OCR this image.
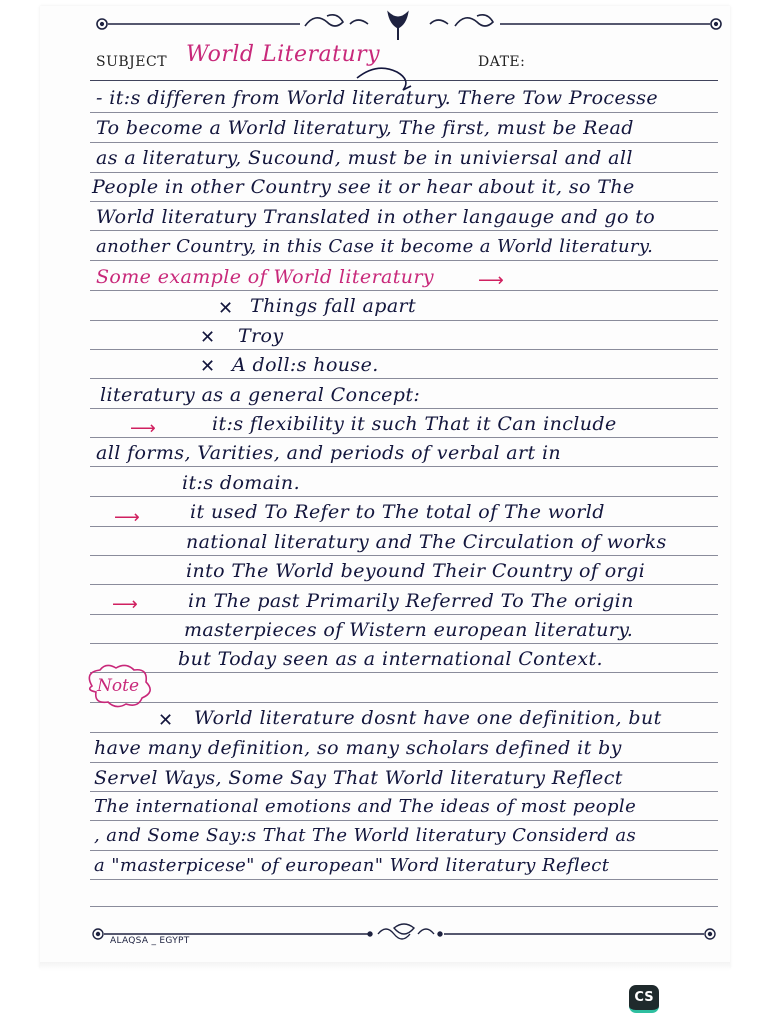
SUBJECT World Literatury	DATE:
- it:s differen from World literatury. There Tow Processe
To become a World literatury, The first, must be Read
as a literatury, Sucound, must be in univiersal and all
People in other Country see it or hear about it, so The
World literatury Translated in other langauge and go to
another Country, in this Case it become a World literatury.
Some example of World literatury ⟶
✕ Things fall apart
✕ Troy
✕ A doll:s house.
literatury as a general Concept:
⟶	it:s flexibility it such That it Can include
all forms, Varities, and periods of verbal art in
it:s domain.
⟶	it used To Refer to The total of The world
national literatury and The Circulation of works
into The World beyound Their Country of orgi
⟶	in The past Primarily Referred To The origin
masterpieces of Wistern european literatury.
but Today seen as a international Context.
Note
✕ World literature dosnt have one definition, but
have many definition, so many scholars defined it by
Servel Ways, Some Say That World literatury Reflect
The international emotions and The ideas of most people
, and Some Say:s That The World literatury Considerd as
a "masterpicese" of european" Word literatury Reflect
ALAQSA _ EGYPT
CS
